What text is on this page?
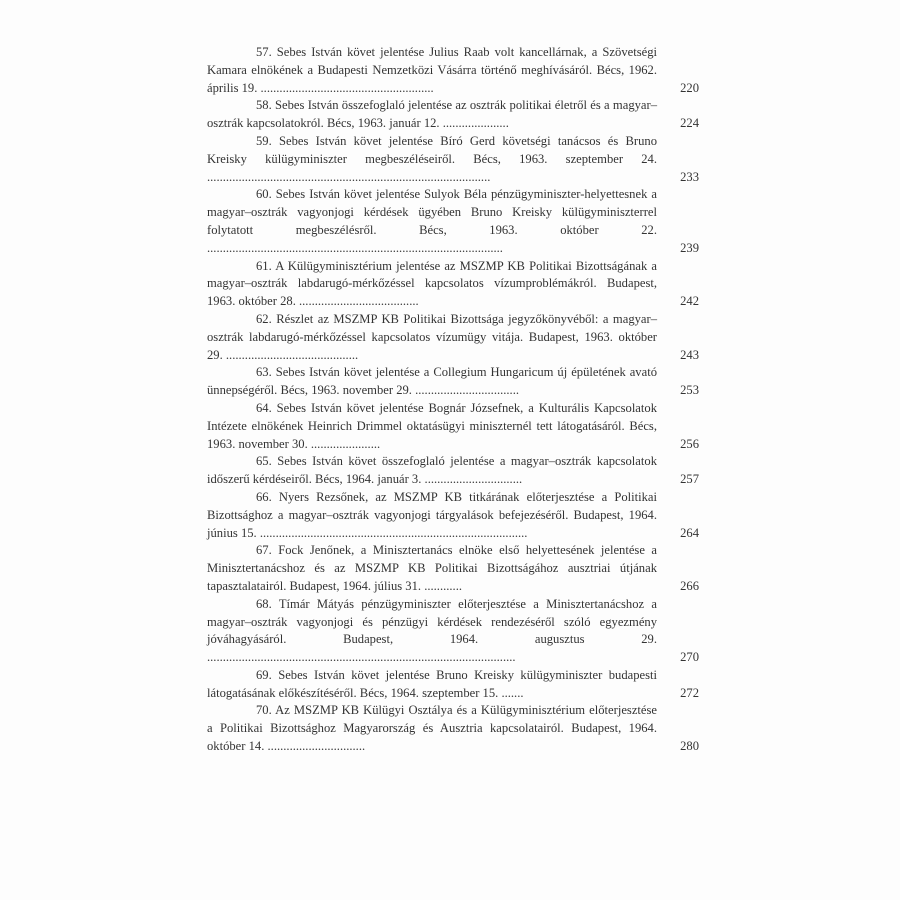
57. Sebes István követ jelentése Julius Raab volt kancellárnak, a Szövetségi Kamara elnökének a Budapesti Nemzetközi Vásárra történő meghívásáról. Bécs, 1962. április 19. .......................................................	220
58. Sebes István összefoglaló jelentése az osztrák politikai életről és a magyar–osztrák kapcsolatokról. Bécs, 1963. január 12. .....................	224
59. Sebes István követ jelentése Bíró Gerd követségi tanácsos és Bruno Kreisky külügyminiszter megbeszéléseiről. Bécs, 1963. szeptember 24. ..........................................................................................	233
60. Sebes István követ jelentése Sulyok Béla pénzügyminiszter-helyettesnek a magyar–osztrák vagyonjogi kérdések ügyében Bruno Kreisky külügyminiszterrel folytatott megbeszélésről. Bécs, 1963. október 22. ..............................................................................................	239
61. A Külügyminisztérium jelentése az MSZMP KB Politikai Bizottságának a magyar–osztrák labdarugó-mérkőzéssel kapcsolatos vízumproblémákról. Budapest, 1963. október 28. ......................................	242
62. Részlet az MSZMP KB Politikai Bizottsága jegyzőkönyvéből: a magyar–osztrák labdarugó-mérkőzéssel kapcsolatos vízumügy vitája. Budapest, 1963. október 29. ..........................................	243
63. Sebes István követ jelentése a Collegium Hungaricum új épületének avató ünnepségéről. Bécs, 1963. november 29. .................................	253
64. Sebes István követ jelentése Bognár Józsefnek, a Kulturális Kapcsolatok Intézete elnökének Heinrich Drimmel oktatásügyi miniszternél tett látogatásáról. Bécs, 1963. november 30. ......................	256
65. Sebes István követ összefoglaló jelentése a magyar–osztrák kapcsolatok időszerű kérdéseiről. Bécs, 1964. január 3. ...............................	257
66. Nyers Rezsőnek, az MSZMP KB titkárának előterjesztése a Politikai Bizottsághoz a magyar–osztrák vagyonjogi tárgyalások befejezéséről. Budapest, 1964. június 15. .....................................................................................	264
67. Fock Jenőnek, a Minisztertanács elnöke első helyettesének jelentése a Minisztertanácshoz és az MSZMP KB Politikai Bizottságához ausztriai útjának tapasztalatairól. Budapest, 1964. július 31. ............	266
68. Tímár Mátyás pénzügyminiszter előterjesztése a Minisztertanácshoz a magyar–osztrák vagyonjogi és pénzügyi kérdések rendezéséről szóló egyezmény jóváhagyásáról. Budapest, 1964. augusztus 29. ..................................................................................................	270
69. Sebes István követ jelentése Bruno Kreisky külügyminiszter budapesti látogatásának előkészítéséről. Bécs, 1964. szeptember 15. .......	272
70. Az MSZMP KB Külügyi Osztálya és a Külügyminisztérium előterjesztése a Politikai Bizottsághoz Magyarország és Ausztria kapcsolatairól. Budapest, 1964. október 14. ...............................	280
